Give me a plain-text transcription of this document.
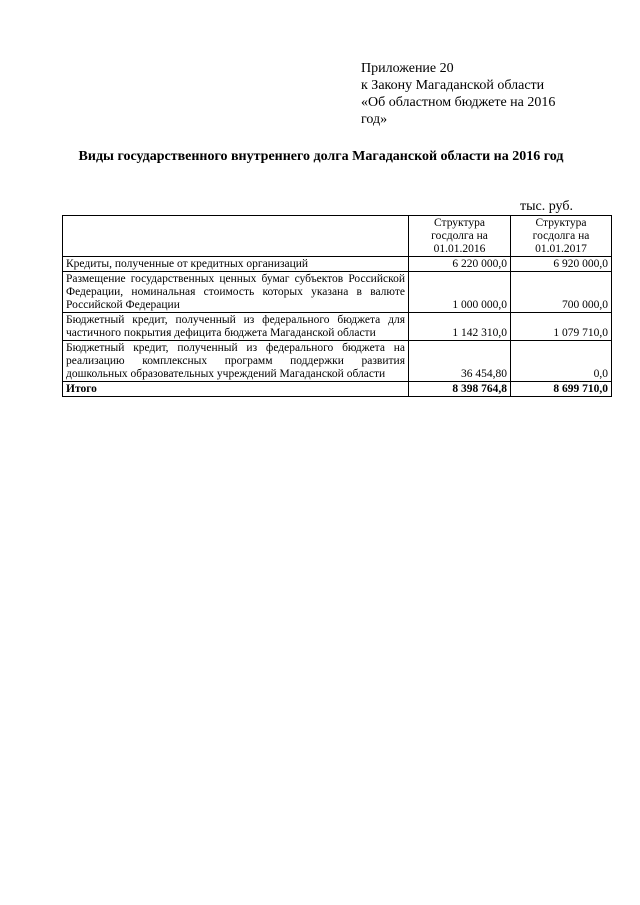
Приложение 20
к Закону Магаданской области
«Об областном бюджете на 2016
год»
Виды государственного внутреннего долга Магаданской области на 2016 год
тыс. руб.
	Структура госдолга на 01.01.2016	Структура госдолга на 01.01.2017
Кредиты, полученные от кредитных организаций	6 220 000,0	6 920 000,0
Размещение государственных ценных бумаг субъектов Российской Федерации, номинальная стоимость которых указана в валюте Российской Федерации	1 000 000,0	700 000,0
Бюджетный кредит, полученный из федерального бюджета для частичного покрытия дефицита бюджета Магаданской области	1 142 310,0	1 079 710,0
Бюджетный кредит, полученный из федерального бюджета на реализацию комплексных программ поддержки развития дошкольных образовательных учреждений Магаданской области	36 454,80	0,0
Итого	8 398 764,8	8 699 710,0
